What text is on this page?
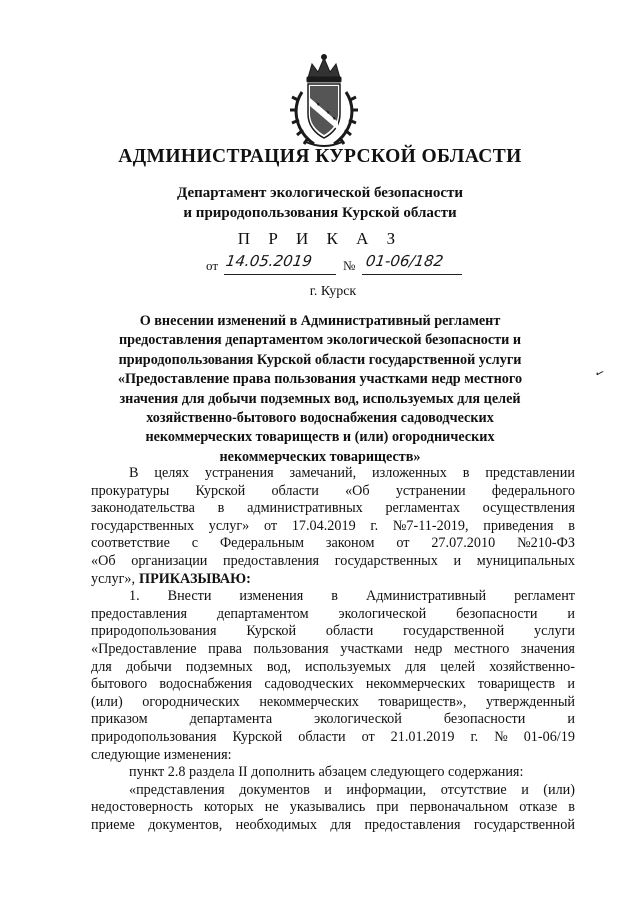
АДМИНИСТРАЦИЯ КУРСКОЙ ОБЛАСТИ
Департамент экологической безопасности
и природопользования Курской области
П Р И К А З
от 14.05.2019 № 01-06/182
г. Курск
О внесении изменений в Административный регламент
предоставления департаментом экологической безопасности и
природопользования Курской области государственной услуги
«Предоставление права пользования участками недр местного
значения для добычи подземных вод, используемых для целей
хозяйственно-бытового водоснабжения садоводческих
некоммерческих товариществ и (или) огороднических
некоммерческих товариществ»
✓
В целях устранения замечаний, изложенных в представлении
прокуратуры Курской области «Об устранении федерального
законодательства в административных регламентах осуществления
государственных услуг» от 17.04.2019 г. №7-11-2019, приведения в
соответствие с Федеральным законом от 27.07.2010 №210-ФЗ
«Об организации предоставления государственных и муниципальных
услуг», ПРИКАЗЫВАЮ:
1. Внести изменения в Административный регламент
предоставления департаментом экологической безопасности и
природопользования Курской области государственной услуги
«Предоставление права пользования участками недр местного значения
для добычи подземных вод, используемых для целей хозяйственно-
бытового водоснабжения садоводческих некоммерческих товариществ и
(или) огороднических некоммерческих товариществ», утвержденный
приказом	департамента	экологической	безопасности	и
природопользования Курской области от 21.01.2019 г. № 01-06/19
следующие изменения:
пункт 2.8 раздела II дополнить абзацем следующего содержания:
«представления документов и информации, отсутствие и (или)
недостоверность которых не указывались при первоначальном отказе в
приеме документов, необходимых для предоставления государственной
